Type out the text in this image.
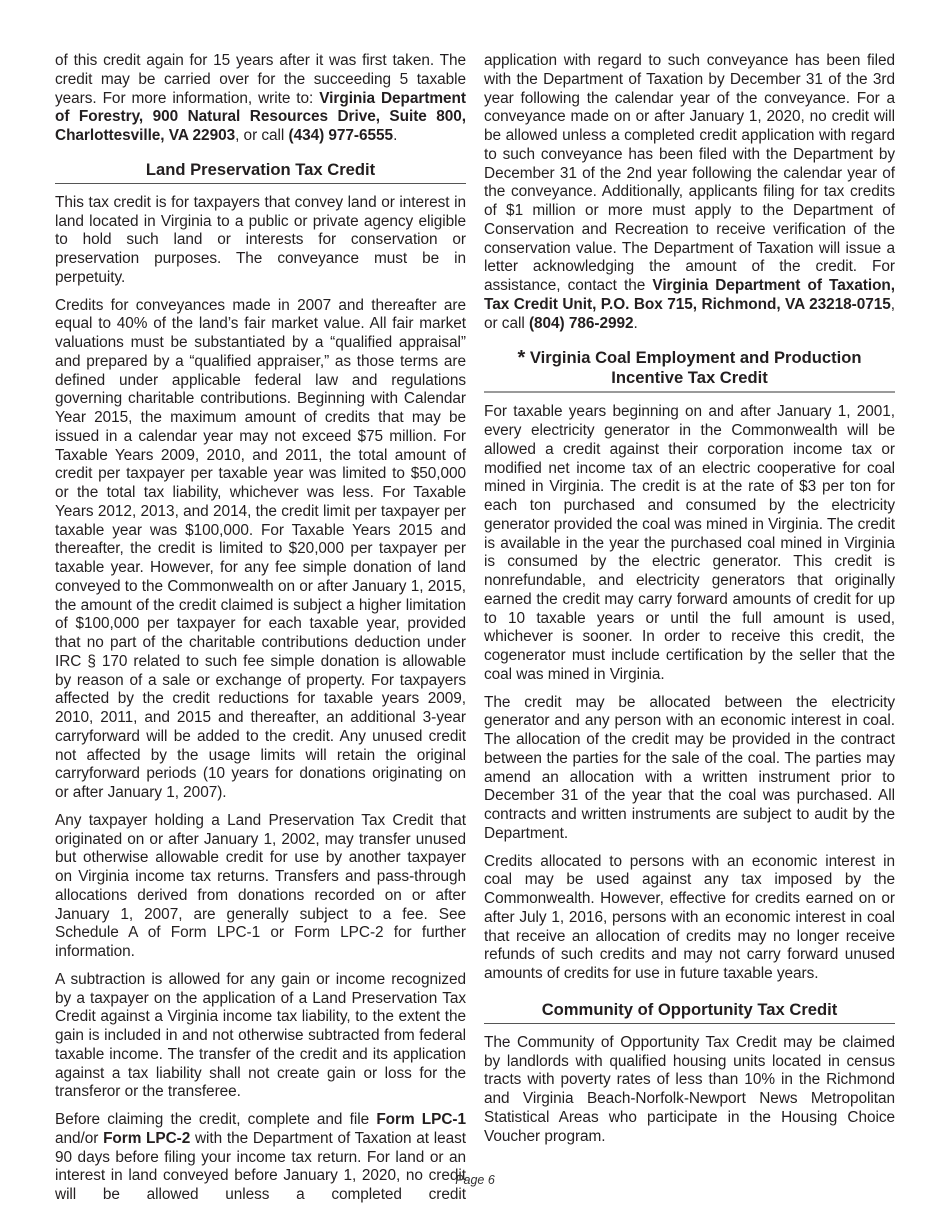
of this credit again for 15 years after it was first taken. The credit may be carried over for the succeeding 5 taxable years. For more information, write to: Virginia Department of Forestry, 900 Natural Resources Drive, Suite 800, Charlottesville, VA 22903, or call (434) 977-6555.

Land Preservation Tax Credit

This tax credit is for taxpayers that convey land or interest in land located in Virginia to a public or private agency eligible to hold such land or interests for conservation or preservation purposes. The conveyance must be in perpetuity.

Credits for conveyances made in 2007 and thereafter are equal to 40% of the land’s fair market value. All fair market valuations must be substantiated by a “qualified appraisal” and prepared by a “qualified appraiser,” as those terms are defined under applicable federal law and regulations governing charitable contributions. Beginning with Calendar Year 2015, the maximum amount of credits that may be issued in a calendar year may not exceed $75 million. For Taxable Years 2009, 2010, and 2011, the total amount of credit per taxpayer per taxable year was limited to $50,000 or the total tax liability, whichever was less. For Taxable Years 2012, 2013, and 2014, the credit limit per taxpayer per taxable year was $100,000. For Taxable Years 2015 and thereafter, the credit is limited to $20,000 per taxpayer per taxable year. However, for any fee simple donation of land conveyed to the Commonwealth on or after January 1, 2015, the amount of the credit claimed is subject a higher limitation of $100,000 per taxpayer for each taxable year, provided that no part of the charitable contributions deduction under IRC § 170 related to such fee simple donation is allowable by reason of a sale or exchange of property. For taxpayers affected by the credit reductions for taxable years 2009, 2010, 2011, and 2015 and thereafter, an additional 3-year carryforward will be added to the credit. Any unused credit not affected by the usage limits will retain the original carryforward periods (10 years for donations originating on or after January 1, 2007).

Any taxpayer holding a Land Preservation Tax Credit that originated on or after January 1, 2002, may transfer unused but otherwise allowable credit for use by another taxpayer on Virginia income tax returns. Transfers and pass-through allocations derived from donations recorded on or after January 1, 2007, are generally subject to a fee. See Schedule A of Form LPC-1 or Form LPC-2 for further information.

A subtraction is allowed for any gain or income recognized by a taxpayer on the application of a Land Preservation Tax Credit against a Virginia income tax liability, to the extent the gain is included in and not otherwise subtracted from federal taxable income. The transfer of the credit and its application against a tax liability shall not create gain or loss for the transferor or the transferee.

Before claiming the credit, complete and file Form LPC-1 and/or Form LPC-2 with the Department of Taxation at least 90 days before filing your income tax return. For land or an interest in land conveyed before January 1, 2020, no credit will be allowed unless a completed credit

application with regard to such conveyance has been filed with the Department of Taxation by December 31 of the 3rd year following the calendar year of the conveyance. For a conveyance made on or after January 1, 2020, no credit will be allowed unless a completed credit application with regard to such conveyance has been filed with the Department by December 31 of the 2nd year following the calendar year of the conveyance. Additionally, applicants filing for tax credits of $1 million or more must apply to the Department of Conservation and Recreation to receive verification of the conservation value. The Department of Taxation will issue a letter acknowledging the amount of the credit. For assistance, contact the Virginia Department of Taxation, Tax Credit Unit, P.O. Box 715, Richmond, VA 23218-0715, or call (804) 786-2992.

* Virginia Coal Employment and Production
Incentive Tax Credit

For taxable years beginning on and after January 1, 2001, every electricity generator in the Commonwealth will be allowed a credit against their corporation income tax or modified net income tax of an electric cooperative for coal mined in Virginia. The credit is at the rate of $3 per ton for each ton purchased and consumed by the electricity generator provided the coal was mined in Virginia. The credit is available in the year the purchased coal mined in Virginia is consumed by the electric generator. This credit is nonrefundable, and electricity generators that originally earned the credit may carry forward amounts of credit for up to 10 taxable years or until the full amount is used, whichever is sooner. In order to receive this credit, the cogenerator must include certification by the seller that the coal was mined in Virginia.

The credit may be allocated between the electricity generator and any person with an economic interest in coal. The allocation of the credit may be provided in the contract between the parties for the sale of the coal. The parties may amend an allocation with a written instrument prior to December 31 of the year that the coal was purchased. All contracts and written instruments are subject to audit by the Department.

Credits allocated to persons with an economic interest in coal may be used against any tax imposed by the Commonwealth. However, effective for credits earned on or after July 1, 2016, persons with an economic interest in coal that receive an allocation of credits may no longer receive refunds of such credits and may not carry forward unused amounts of credits for use in future taxable years.

Community of Opportunity Tax Credit

The Community of Opportunity Tax Credit may be claimed by landlords with qualified housing units located in census tracts with poverty rates of less than 10% in the Richmond and Virginia Beach-Norfolk-Newport News Metropolitan Statistical Areas who participate in the Housing Choice Voucher program.

Page 6
